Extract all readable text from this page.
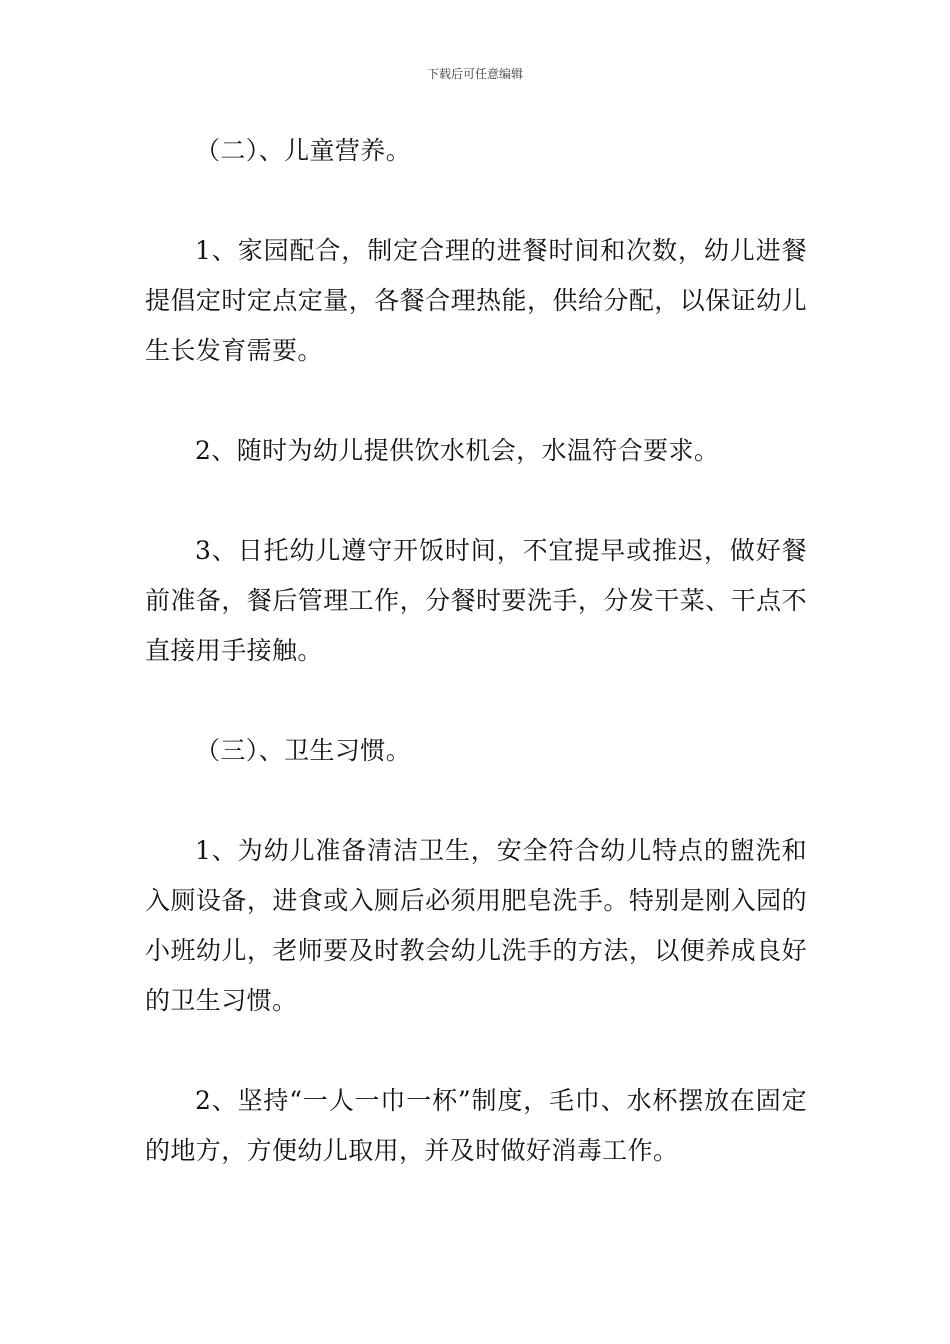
下载后可任意编辑

（二）、儿童营养。

1、家园配合，制定合理的进餐时间和次数，幼儿进餐提倡定时定点定量，各餐合理热能，供给分配，以保证幼儿生长发育需要。

2、随时为幼儿提供饮水机会，水温符合要求。

3、日托幼儿遵守开饭时间，不宜提早或推迟，做好餐前准备，餐后管理工作，分餐时要洗手，分发干菜、干点不直接用手接触。

（三）、卫生习惯。

1、为幼儿准备清洁卫生，安全符合幼儿特点的盥洗和入厕设备，进食或入厕后必须用肥皂洗手。特别是刚入园的小班幼儿，老师要及时教会幼儿洗手的方法，以便养成良好的卫生习惯。

2、坚持“一人一巾一杯”制度，毛巾、水杯摆放在固定的地方，方便幼儿取用，并及时做好消毒工作。
